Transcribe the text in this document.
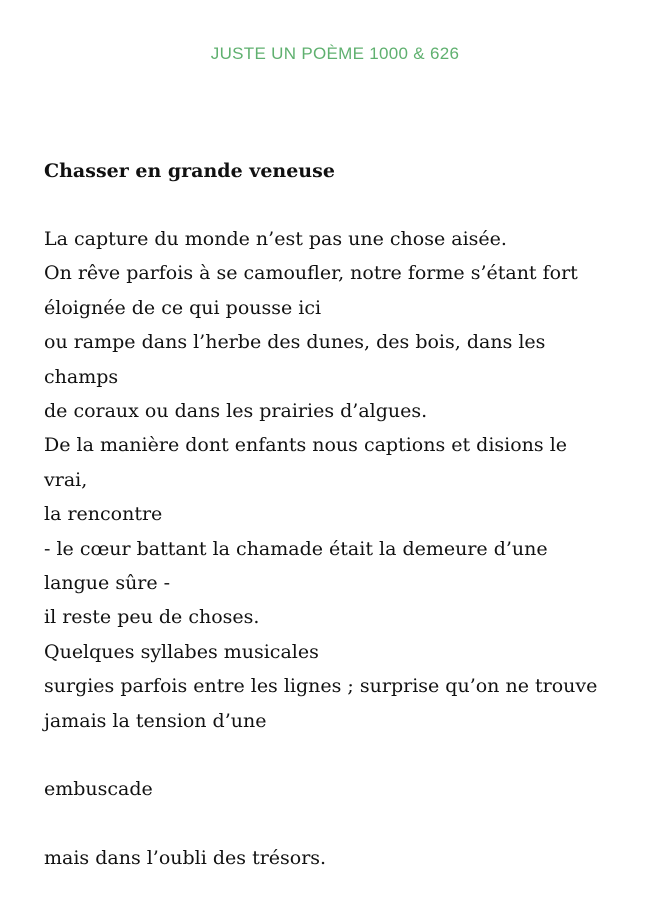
JUSTE UN POÈME 1000 & 626
Chasser en grande veneuse
La capture du monde n’est pas une chose aisée.
On rêve parfois à se camoufler, notre forme s’étant fort
éloignée de ce qui pousse ici
ou rampe dans l’herbe des dunes, des bois, dans les
champs
de coraux ou dans les prairies d’algues.
De la manière dont enfants nous captions et disions le
vrai,
la rencontre
- le cœur battant la chamade était la demeure d’une
langue sûre -
il reste peu de choses.
Quelques syllabes musicales
surgies parfois entre les lignes ; surprise qu’on ne trouve
jamais la tension d’une
embuscade
mais dans l’oubli des trésors.
